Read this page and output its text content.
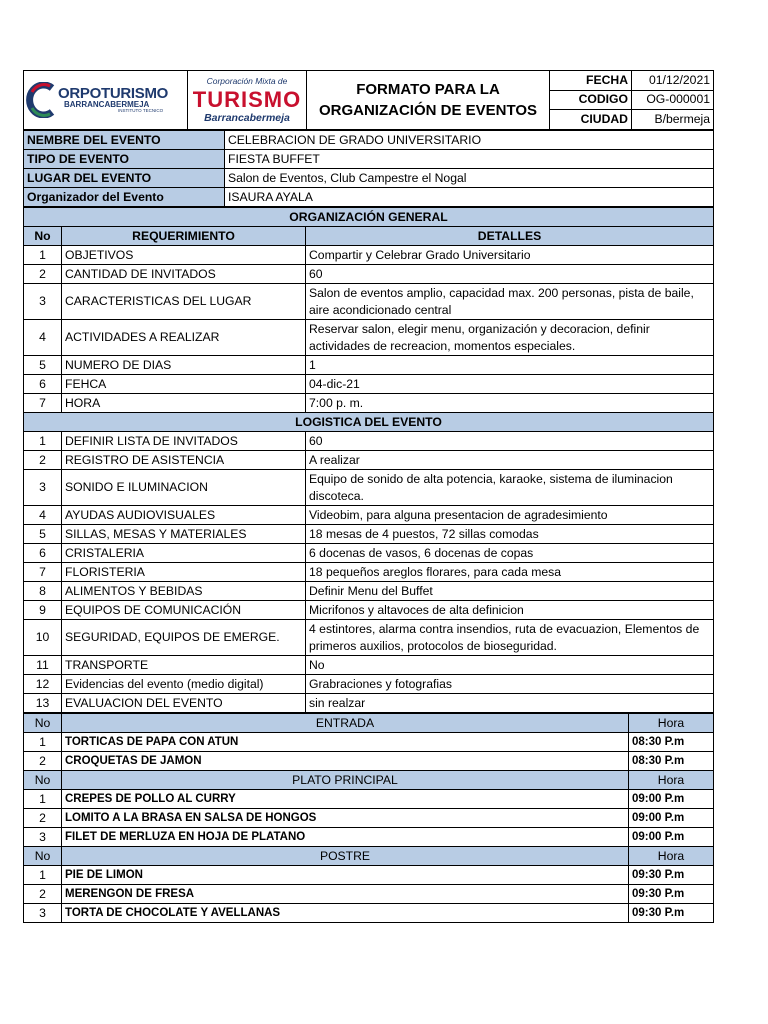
ORPOTURISMO
BARRANCABERMEJA
INSTITUTO TECNICO	Corporación Mixta de
TURISMO
Barrancabermeja	FORMATO PARA LA ORGANIZACIÓN DE EVENTOS	FECHA	01/12/2021
			CODIGO	OG-000001
			CIUDAD	B/bermeja
NEMBRE DEL EVENTO	CELEBRACION DE GRADO UNIVERSITARIO
TIPO DE EVENTO	FIESTA BUFFET
LUGAR DEL EVENTO	Salon de Eventos, Club Campestre el Nogal
Organizador del Evento	ISAURA AYALA
ORGANIZACIÓN GENERAL		
No	REQUERIMIENTO	DETALLES
1	OBJETIVOS	Compartir y Celebrar Grado Universitario
2	CANTIDAD DE INVITADOS	60
3	CARACTERISTICAS DEL LUGAR	Salon de eventos amplio, capacidad max. 200 personas, pista de baile, aire acondicionado central
4	ACTIVIDADES A REALIZAR	Reservar salon, elegir menu, organización y decoracion, definir actividades de recreacion, momentos especiales.
5	NUMERO DE DIAS	1
6	FEHCA	04-dic-21
7	HORA	7:00 p. m.
LOGISTICA DEL EVENTO		
1	DEFINIR LISTA DE INVITADOS	60
2	REGISTRO DE ASISTENCIA	A realizar
3	SONIDO E ILUMINACION	Equipo de sonido de alta potencia, karaoke, sistema de iluminacion discoteca.
4	AYUDAS AUDIOVISUALES	Videobim, para alguna presentacion de agradesimiento
5	SILLAS, MESAS Y MATERIALES	18 mesas de 4 puestos, 72 sillas comodas
6	CRISTALERIA	6 docenas de vasos, 6 docenas de copas
7	FLORISTERIA	18 pequeños areglos florares, para cada mesa
8	ALIMENTOS Y BEBIDAS	Definir Menu del Buffet
9	EQUIPOS DE COMUNICACIÓN	Micrifonos y altavoces de alta definicion
10	SEGURIDAD, EQUIPOS DE EMERGE.	4 estintores, alarma contra insendios, ruta de evacuazion, Elementos de primeros auxilios, protocolos de bioseguridad.
11	TRANSPORTE	No
12	Evidencias del evento (medio digital)	Grabraciones y fotografias
13	EVALUACION DEL EVENTO	sin realzar
No	ENTRADA	Hora
1	TORTICAS DE PAPA CON ATUN	08:30 P.m
2	CROQUETAS DE JAMON	08:30 P.m
No	PLATO PRINCIPAL	Hora
1	CREPES DE POLLO AL CURRY	09:00 P.m
2	LOMITO A LA BRASA EN SALSA DE HONGOS	09:00 P.m
3	FILET DE MERLUZA EN HOJA DE PLATANO	09:00 P.m
No	POSTRE	Hora
1	PIE DE LIMON	09:30 P.m
2	MERENGON DE FRESA	09:30 P.m
3	TORTA DE CHOCOLATE Y AVELLANAS	09:30 P.m
